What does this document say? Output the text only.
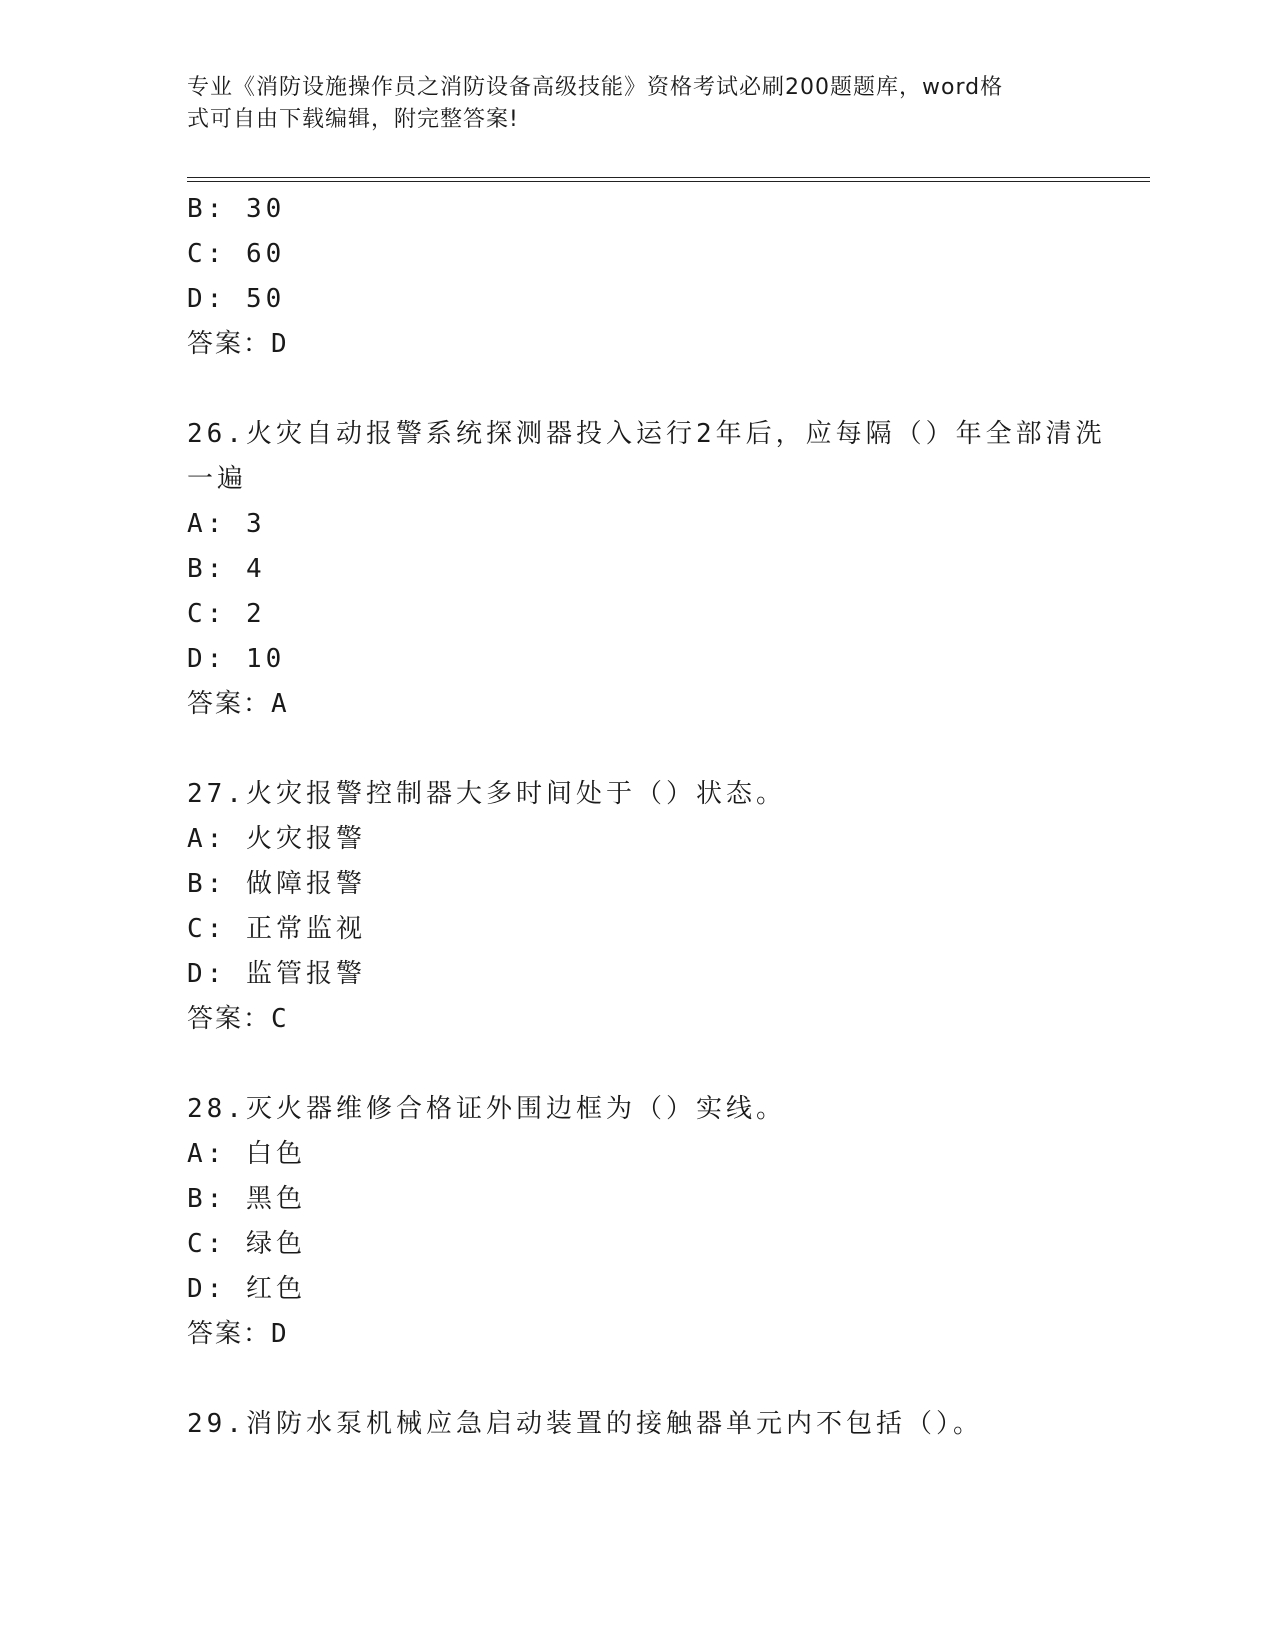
专业《消防设施操作员之消防设备高级技能》资格考试必刷200题题库，word格
式可自由下载编辑，附完整答案!
B: 30
C: 60
D: 50
答案：D
26.火灾自动报警系统探测器投入运行2年后，应每隔（）年全部清洗
一遍
A: 3
B: 4
C: 2
D: 10
答案：A
27.火灾报警控制器大多时间处于（）状态。
A: 火灾报警
B: 做障报警
C: 正常监视
D: 监管报警
答案：C
28.灭火器维修合格证外围边框为（）实线。
A: 白色
B: 黑色
C: 绿色
D: 红色
答案：D
29.消防水泵机械应急启动装置的接触器单元内不包括（）。
